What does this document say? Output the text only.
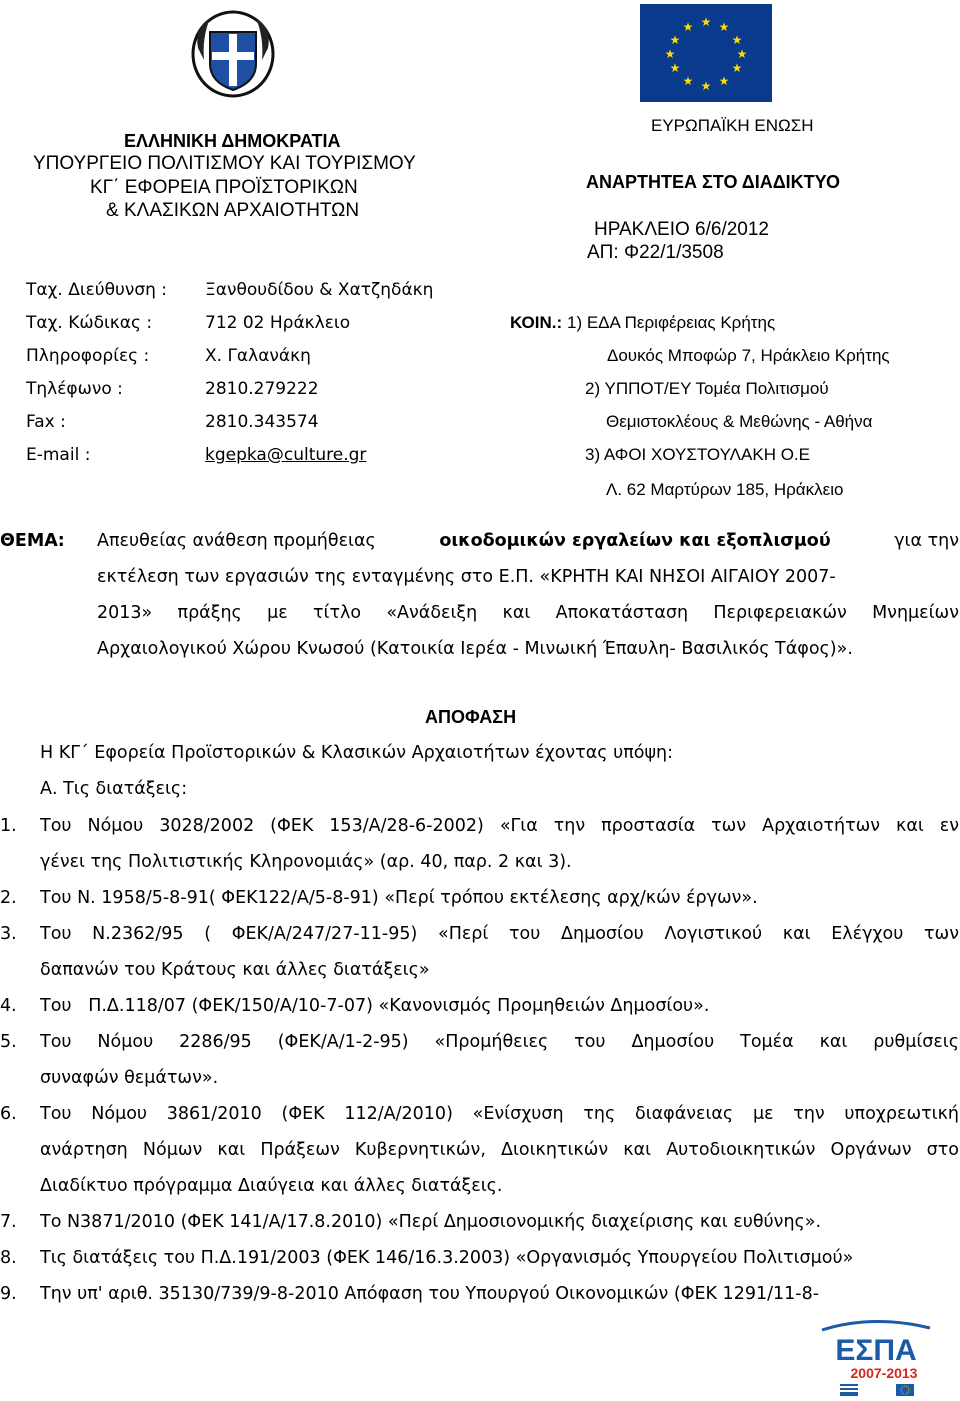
★ ★
★
★
★
★
★
★
★
★
★
★
ΕΥΡΩΠΑΪΚΗ ΕΝΩΣΗ
ΕΛΛΗΝΙΚΗ ΔΗΜΟΚΡΑΤΙΑ
ΥΠΟΥΡΓΕΙΟ ΠΟΛΙΤΙΣΜΟΥ ΚΑΙ ΤΟΥΡΙΣΜΟΥ
ΚΓ΄ ΕΦΟΡΕΙΑ ΠΡΟΪΣΤΟΡΙΚΩΝ
& ΚΛΑΣΙΚΩΝ ΑΡΧΑΙΟΤΗΤΩΝ
ΑΝΑΡΤΗΤΕΑ ΣΤΟ ΔΙΑΔΙΚΤΥΟ
ΗΡΑΚΛΕΙΟ 6/6/2012
ΑΠ: Φ22/1/3508
Ταχ. Διεύθυνση : Ξανθουδίδου & Χατζηδάκη
Ταχ. Κώδικας :	712 02 Ηράκλειο
Πληροφορίες :	Χ. Γαλανάκη
Τηλέφωνο :	2810.279222
Fax :	2810.343574
E-mail :	kgepka@culture.gr
ΚΟΙΝ.: 1) ΕΔΑ Περιφέρειας Κρήτης
Δουκός Μποφώρ 7, Ηράκλειο Κρήτης
2) ΥΠΠΟΤ/ΕΥ Τομέα Πολιτισμού
Θεμιστοκλέους & Μεθώνης - Αθήνα
3) ΑΦΟΙ ΧΟΥΣΤΟΥΛΑΚΗ Ο.Ε
Λ. 62 Μαρτύρων 185, Ηράκλειο
ΘΕΜΑ: Απευθείας ανάθεση προμήθειας	οικοδομικών εργαλείων και εξοπλισμού	για την
εκτέλεση των εργασιών της ενταγμένης στο Ε.Π. «ΚΡΗΤΗ ΚΑΙ ΝΗΣΟΙ ΑΙΓΑΙΟΥ 2007-
2013» πράξης με τίτλο «Ανάδειξη και Αποκατάσταση Περιφερειακών Μνημείων
Αρχαιολογικού Χώρου Κνωσού (Κατοικία Ιερέα - Μινωική Έπαυλη- Βασιλικός Τάφος)».
ΑΠΟΦΑΣΗ
Η ΚΓ΄ Εφορεία Προϊστορικών & Κλασικών Αρχαιοτήτων έχοντας υπόψη:
Α. Τις διατάξεις:
1. Του Νόμου 3028/2002 (ΦΕΚ 153/Α/28-6-2002) «Για την προστασία των Αρχαιοτήτων και εν
γένει της Πολιτιστικής Κληρονομιάς» (αρ. 40, παρ. 2 και 3).
2. Του Ν. 1958/5-8-91( ΦΕΚ122/Α/5-8-91) «Περί τρόπου εκτέλεσης αρχ/κών έργων».
3. Του Ν.2362/95 ( ΦΕΚ/Α/247/27-11-95) «Περί του Δημοσίου Λογιστικού και Ελέγχου των
δαπανών του Κράτους και άλλες διατάξεις»
4. Του   Π.Δ.118/07 (ΦΕΚ/150/Α/10-7-07) «Κανονισμός Προμηθειών Δημοσίου».
5. Του Νόμου 2286/95 (ΦΕΚ/Α/1-2-95) «Προμήθειες του Δημοσίου Τομέα και ρυθμίσεις
συναφών θεμάτων».
6. Του Νόμου 3861/2010 (ΦΕΚ 112/Α/2010) «Ενίσχυση της διαφάνειας με την υποχρεωτική
ανάρτηση Νόμων και Πράξεων Κυβερνητικών, Διοικητικών και Αυτοδιοικητικών Οργάνων στο
Διαδίκτυο πρόγραμμα Διαύγεια και άλλες διατάξεις.
7. Το Ν3871/2010 (ΦΕΚ 141/Α/17.8.2010) «Περί Δημοσιονομικής διαχείρισης και ευθύνης».
8. Τις διατάξεις του Π.Δ.191/2003 (ΦΕΚ 146/16.3.2003) «Οργανισμός Υπουργείου Πολιτισμού»
9. Την υπ' αριθ. 35130/739/9-8-2010 Απόφαση του Υπουργού Οικονομικών (ΦΕΚ 1291/11-8-
ΕΣΠΑ
2007-2013
